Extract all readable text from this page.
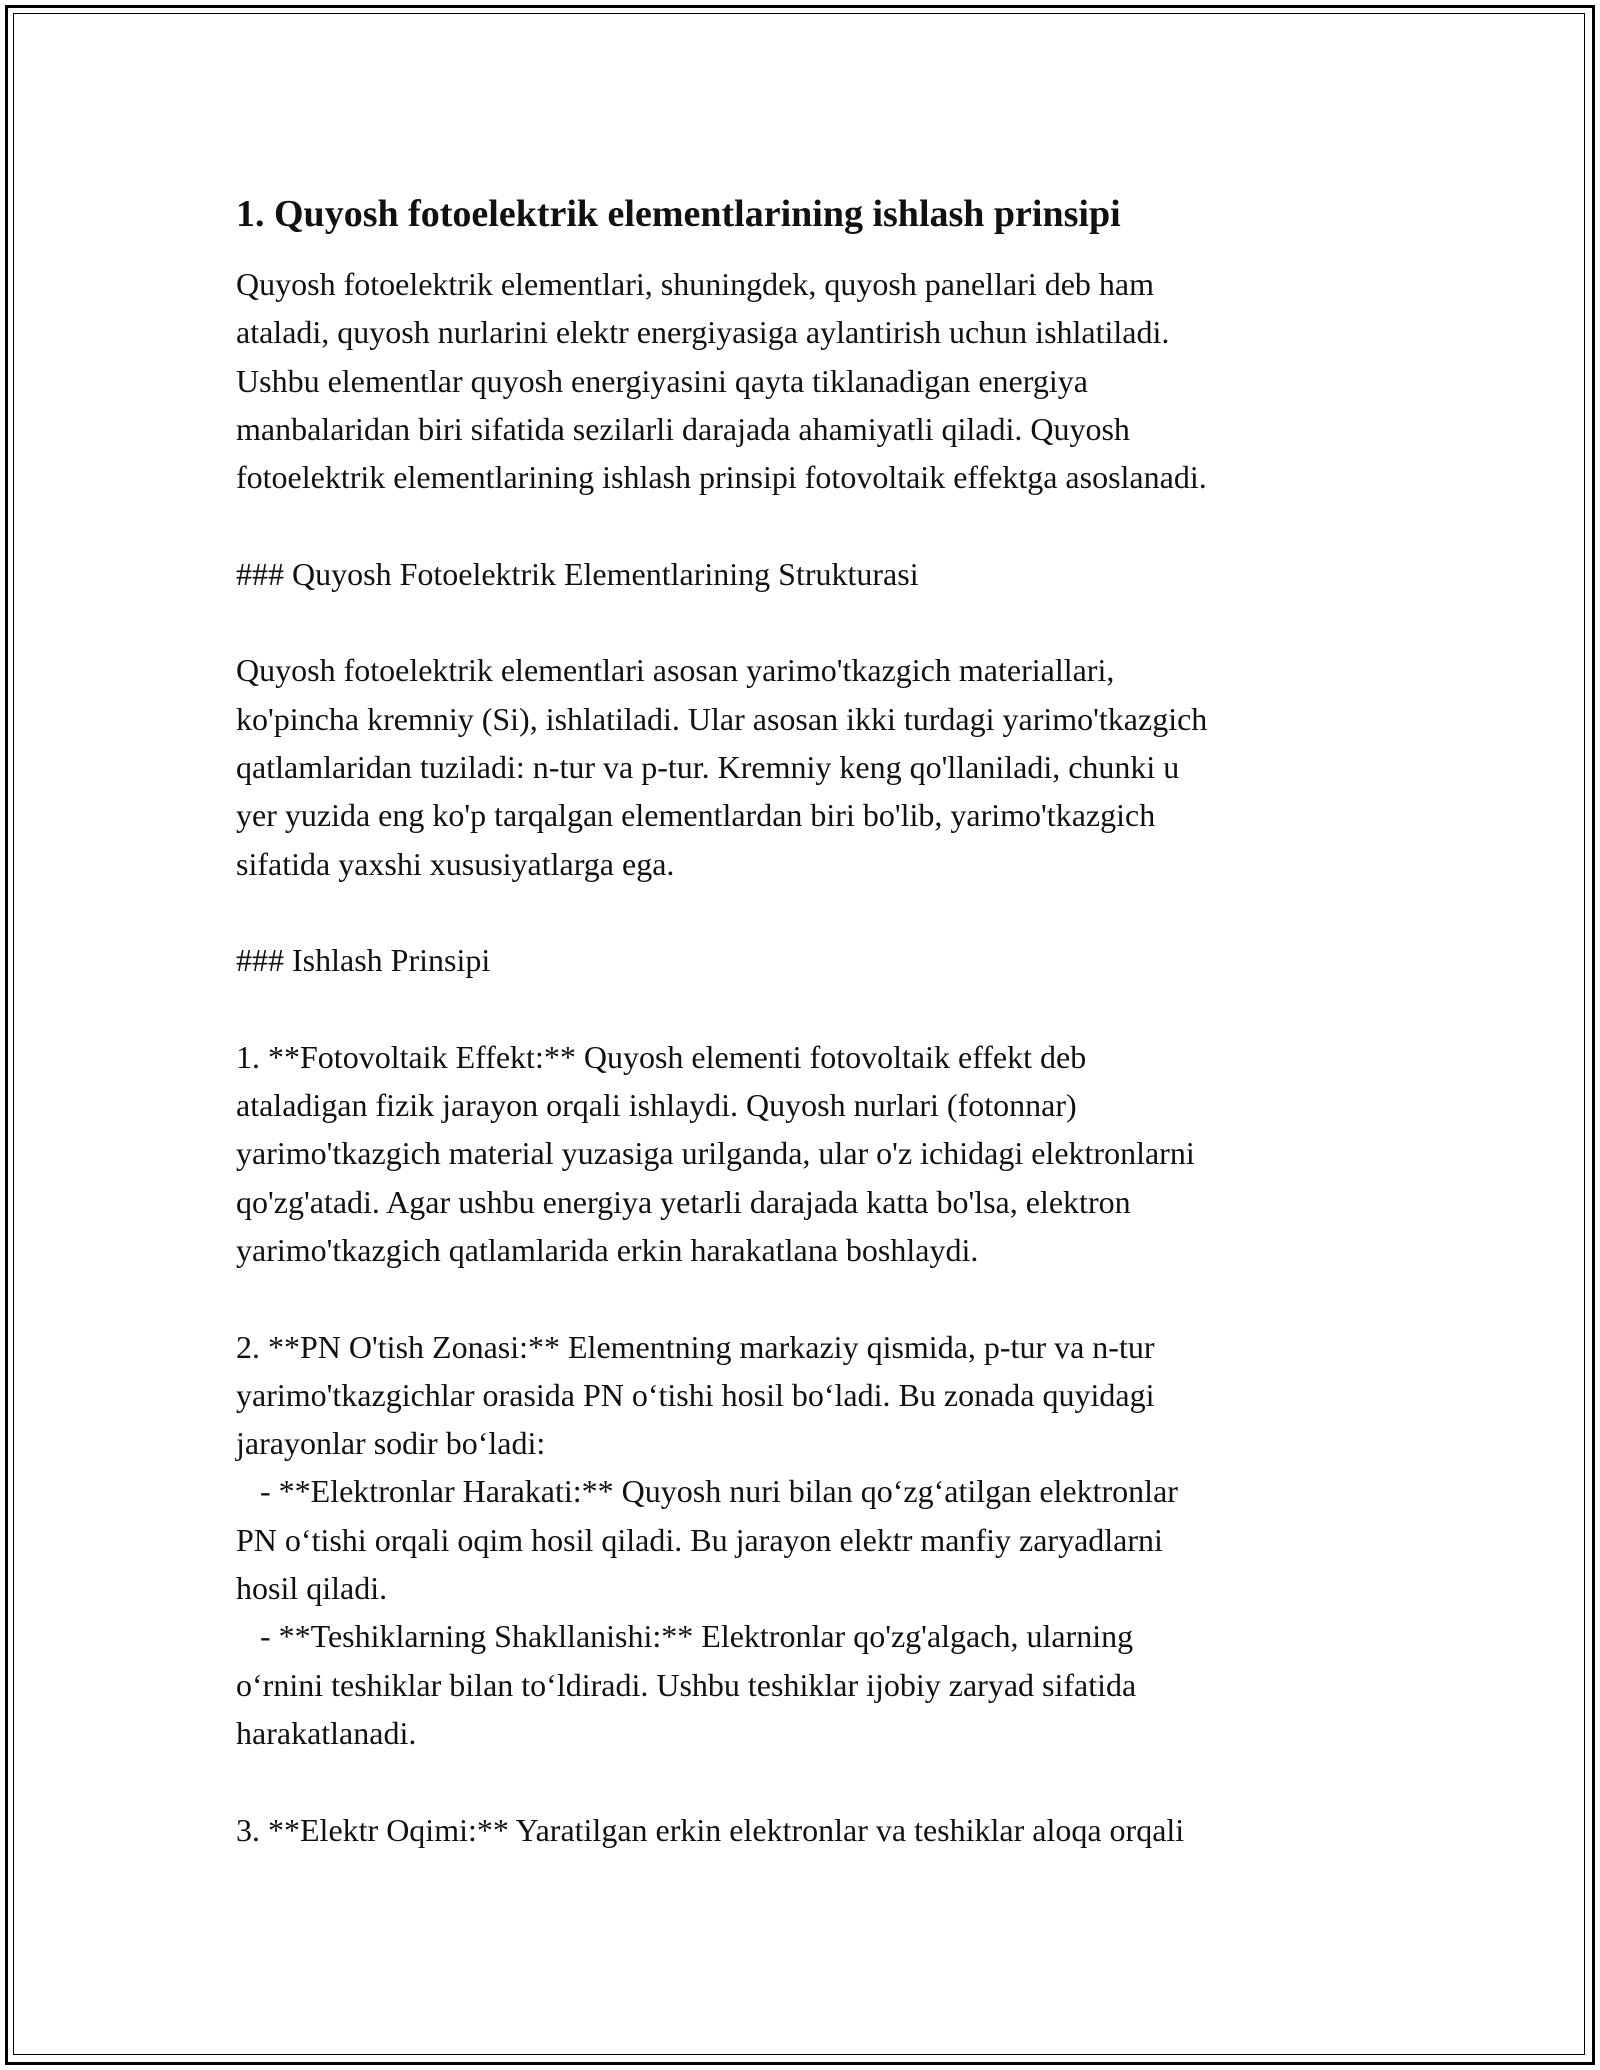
1. Quyosh fotoelektrik elementlarining ishlash prinsipi
Quyosh fotoelektrik elementlari, shuningdek, quyosh panellari deb ham
ataladi, quyosh nurlarini elektr energiyasiga aylantirish uchun ishlatiladi.
Ushbu elementlar quyosh energiyasini qayta tiklanadigan energiya
manbalaridan biri sifatida sezilarli darajada ahamiyatli qiladi. Quyosh
fotoelektrik elementlarining ishlash prinsipi fotovoltaik effektga asoslanadi.
### Quyosh Fotoelektrik Elementlarining Strukturasi
Quyosh fotoelektrik elementlari asosan yarimo'tkazgich materiallari,
ko'pincha kremniy (Si), ishlatiladi. Ular asosan ikki turdagi yarimo'tkazgich
qatlamlaridan tuziladi: n-tur va p-tur. Kremniy keng qo'llaniladi, chunki u
yer yuzida eng ko'p tarqalgan elementlardan biri bo'lib, yarimo'tkazgich
sifatida yaxshi xususiyatlarga ega.
### Ishlash Prinsipi
1. **Fotovoltaik Effekt:** Quyosh elementi fotovoltaik effekt deb
ataladigan fizik jarayon orqali ishlaydi. Quyosh nurlari (fotonnar)
yarimo'tkazgich material yuzasiga urilganda, ular o'z ichidagi elektronlarni
qo'zg'atadi. Agar ushbu energiya yetarli darajada katta bo'lsa, elektron
yarimo'tkazgich qatlamlarida erkin harakatlana boshlaydi.
2. **PN O'tish Zonasi:** Elementning markaziy qismida, p-tur va n-tur
yarimo'tkazgichlar orasida PN o‘tishi hosil bo‘ladi. Bu zonada quyidagi
jarayonlar sodir bo‘ladi:
- **Elektronlar Harakati:** Quyosh nuri bilan qo‘zg‘atilgan elektronlar
PN o‘tishi orqali oqim hosil qiladi. Bu jarayon elektr manfiy zaryadlarni
hosil qiladi.
- **Teshiklarning Shakllanishi:** Elektronlar qo'zg'algach, ularning
o‘rnini teshiklar bilan to‘ldiradi. Ushbu teshiklar ijobiy zaryad sifatida
harakatlanadi.
3. **Elektr Oqimi:** Yaratilgan erkin elektronlar va teshiklar aloqa orqali
